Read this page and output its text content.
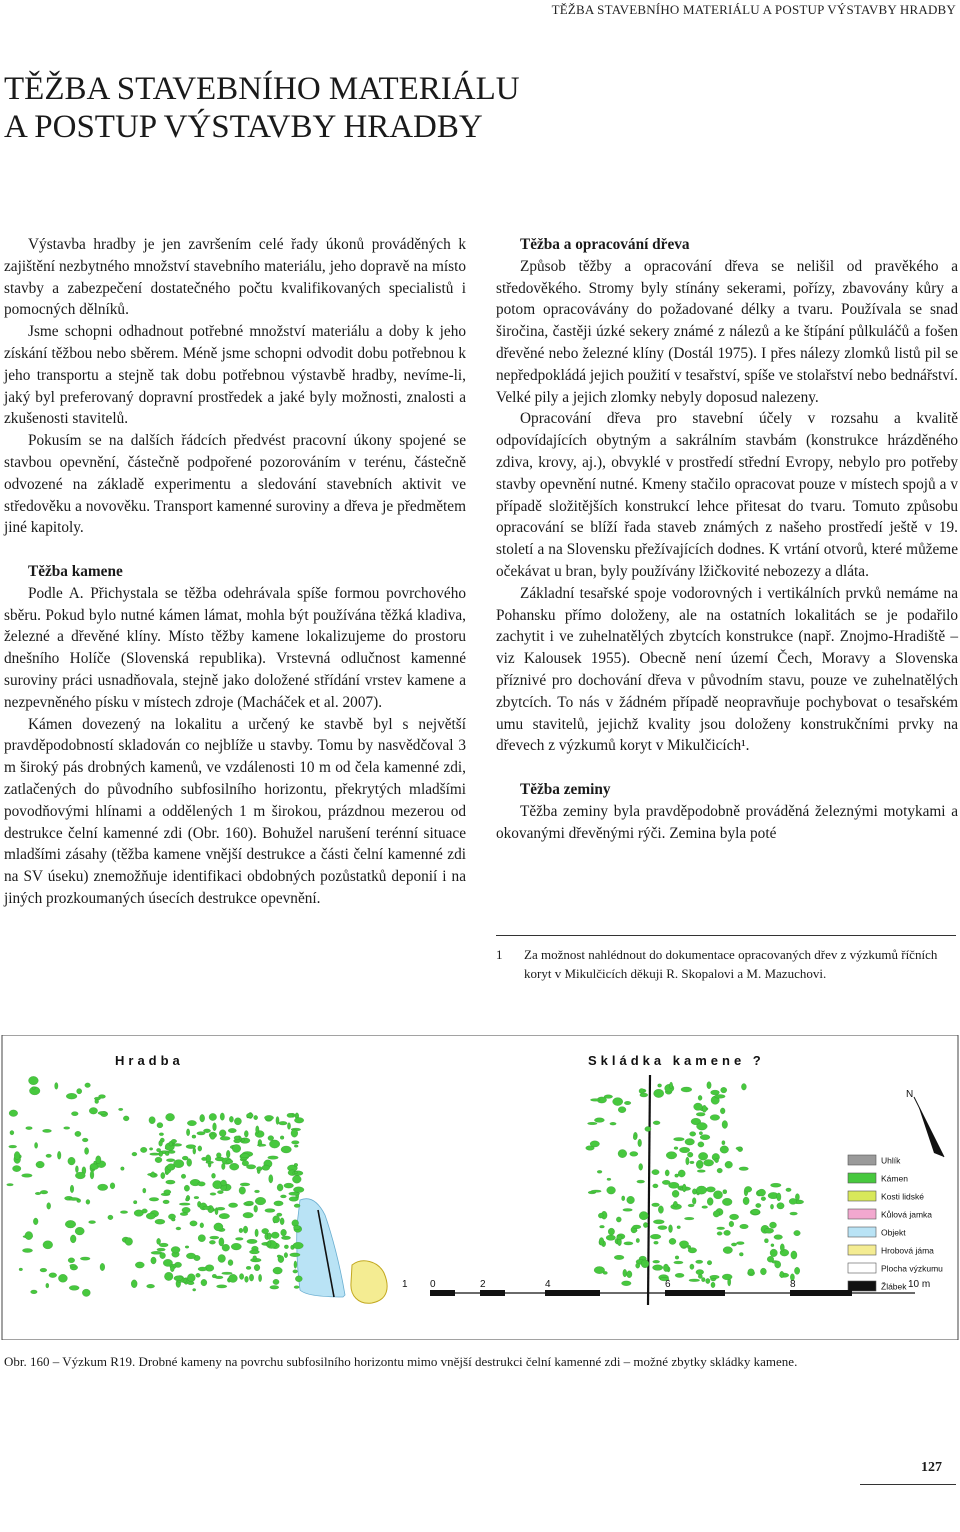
TĚŽBA STAVEBNÍHO MATERIÁLU A POSTUP VÝSTAVBY HRADBY
TĚŽBA STAVEBNÍHO MATERIÁLU
A POSTUP VÝSTAVBY HRADBY

Výstavba hradby je jen završením celé řady úkonů prováděných k zajištění nezbytného množství stavebního materiálu, jeho dopravě na místo stavby a zabezpečení dostatečného počtu kvalifikovaných specialistů i pomocných dělníků.

Jsme schopni odhadnout potřebné množství materiálu a doby k jeho získání těžbou nebo sběrem. Méně jsme schopni odvodit dobu potřebnou k jeho transportu a stejně tak dobu potřebnou výstavbě hradby, nevíme-li, jaký byl preferovaný dopravní prostředek a jaké byly možnosti, znalosti a zkušenosti stavitelů.

Pokusím se na dalších řádcích předvést pracovní úkony spojené se stavbou opevnění, částečně podpořené pozorováním v terénu, částečně odvozené na základě experimentu a sledování stavebních aktivit ve středověku a novověku. Transport kamenné suroviny a dřeva je předmětem jiné kapitoly.

Těžba kamene

Podle A. Přichystala se těžba odehrávala spíše formou povrchového sběru. Pokud bylo nutné kámen lámat, mohla být používána těžká kladiva, železné a dřevěné klíny. Místo těžby kamene lokalizujeme do prostoru dnešního Holíče (Slovenská republika). Vrstevná odlučnost kamenné suroviny práci usnadňovala, stejně jako doložené střídání vrstev kamene a nezpevněného písku v místech zdroje (Macháček et al. 2007).

Kámen dovezený na lokalitu a určený ke stavbě byl s největší pravděpodobností skladován co nejblíže u stavby. Tomu by nasvědčoval 3 m široký pás drobných kamenů, ve vzdálenosti 10 m od čela kamenné zdi, zatlačených do původního subfosilního horizontu, překrytých mladšími povodňovými hlínami a oddělených 1 m širokou, prázdnou mezerou od destrukce čelní kamenné zdi (Obr. 160). Bohužel narušení terénní situace mladšími zásahy (těžba kamene vnější destrukce a části čelní kamenné zdi na SV úseku) znemožňuje identifikaci obdobných pozůstatků deponií i na jiných prozkoumaných úsecích destrukce opevnění.

Těžba a opracování dřeva

Způsob těžby a opracování dřeva se nelišil od pravěkého a středověkého. Stromy byly stínány sekerami, pořízy, zbavovány kůry a potom opracovávány do požadované délky a tvaru. Používala se snad širočina, častěji úzké sekery známé z nálezů a ke štípání půlkuláčů a fošen dřevěné nebo železné klíny (Dostál 1975). I přes nálezy zlomků listů pil se nepředpokládá jejich použití v tesařství, spíše ve stolařství nebo bednářství. Velké pily a jejich zlomky nebyly doposud nalezeny.

Opracování dřeva pro stavební účely v rozsahu a kvalitě odpovídajících obytným a sakrálním stavbám (konstrukce hrázděného zdiva, krovy, aj.), obvyklé v prostředí střední Evropy, nebylo pro potřeby stavby opevnění nutné. Kmeny stačilo opracovat pouze v místech spojů a v případě složitějších konstrukcí lehce přitesat do tvaru. Tomuto způsobu opracování se blíží řada staveb známých z našeho prostředí ještě v 19. století a na Slovensku přežívajících dodnes. K vrtání otvorů, které můžeme očekávat u bran, byly používány lžičkovité nebozezy a dláta.

Základní tesařské spoje vodorovných i vertikálních prvků nemáme na Pohansku přímo doloženy, ale na ostatních lokalitách se je podařilo zachytit i ve zuhelnatělých zbytcích konstrukce (např. Znojmo-Hradiště – viz Kalousek 1955). Obecně není území Čech, Moravy a Slovenska příznivé pro dochování dřeva v původním stavu, pouze ve zuhelnatělých zbytcích. To nás v žádném případě neopravňuje pochybovat o tesařském umu stavitelů, jejichž kvality jsou doloženy konstrukčními prvky na dřevech z výzkumů koryt v Mikulčicích¹.

Těžba zeminy

Těžba zeminy byla pravděpodobně prováděná železnými motykami a okovanými dřevěnými rýči. Zemina byla poté

1	Za možnost nahlédnout do dokumentace opracovaných dřev z výzkumů říčních koryt v Mikulčicích děkuji R. Skopalovi a M. Mazuchovi.
Hradba	Skládka kamene ?
N
Uhlík
Kámen
Kosti lidské
Kůlová jamka
Objekt
Hrobová jáma
Plocha výzkumu
Žlábek
1 0	2	4	6	8	10 m
Obr. 160 – Výzkum R19. Drobné kameny na povrchu subfosilního horizontu mimo vnější destrukci čelní kamenné zdi – možné zbytky skládky kamene.
127
